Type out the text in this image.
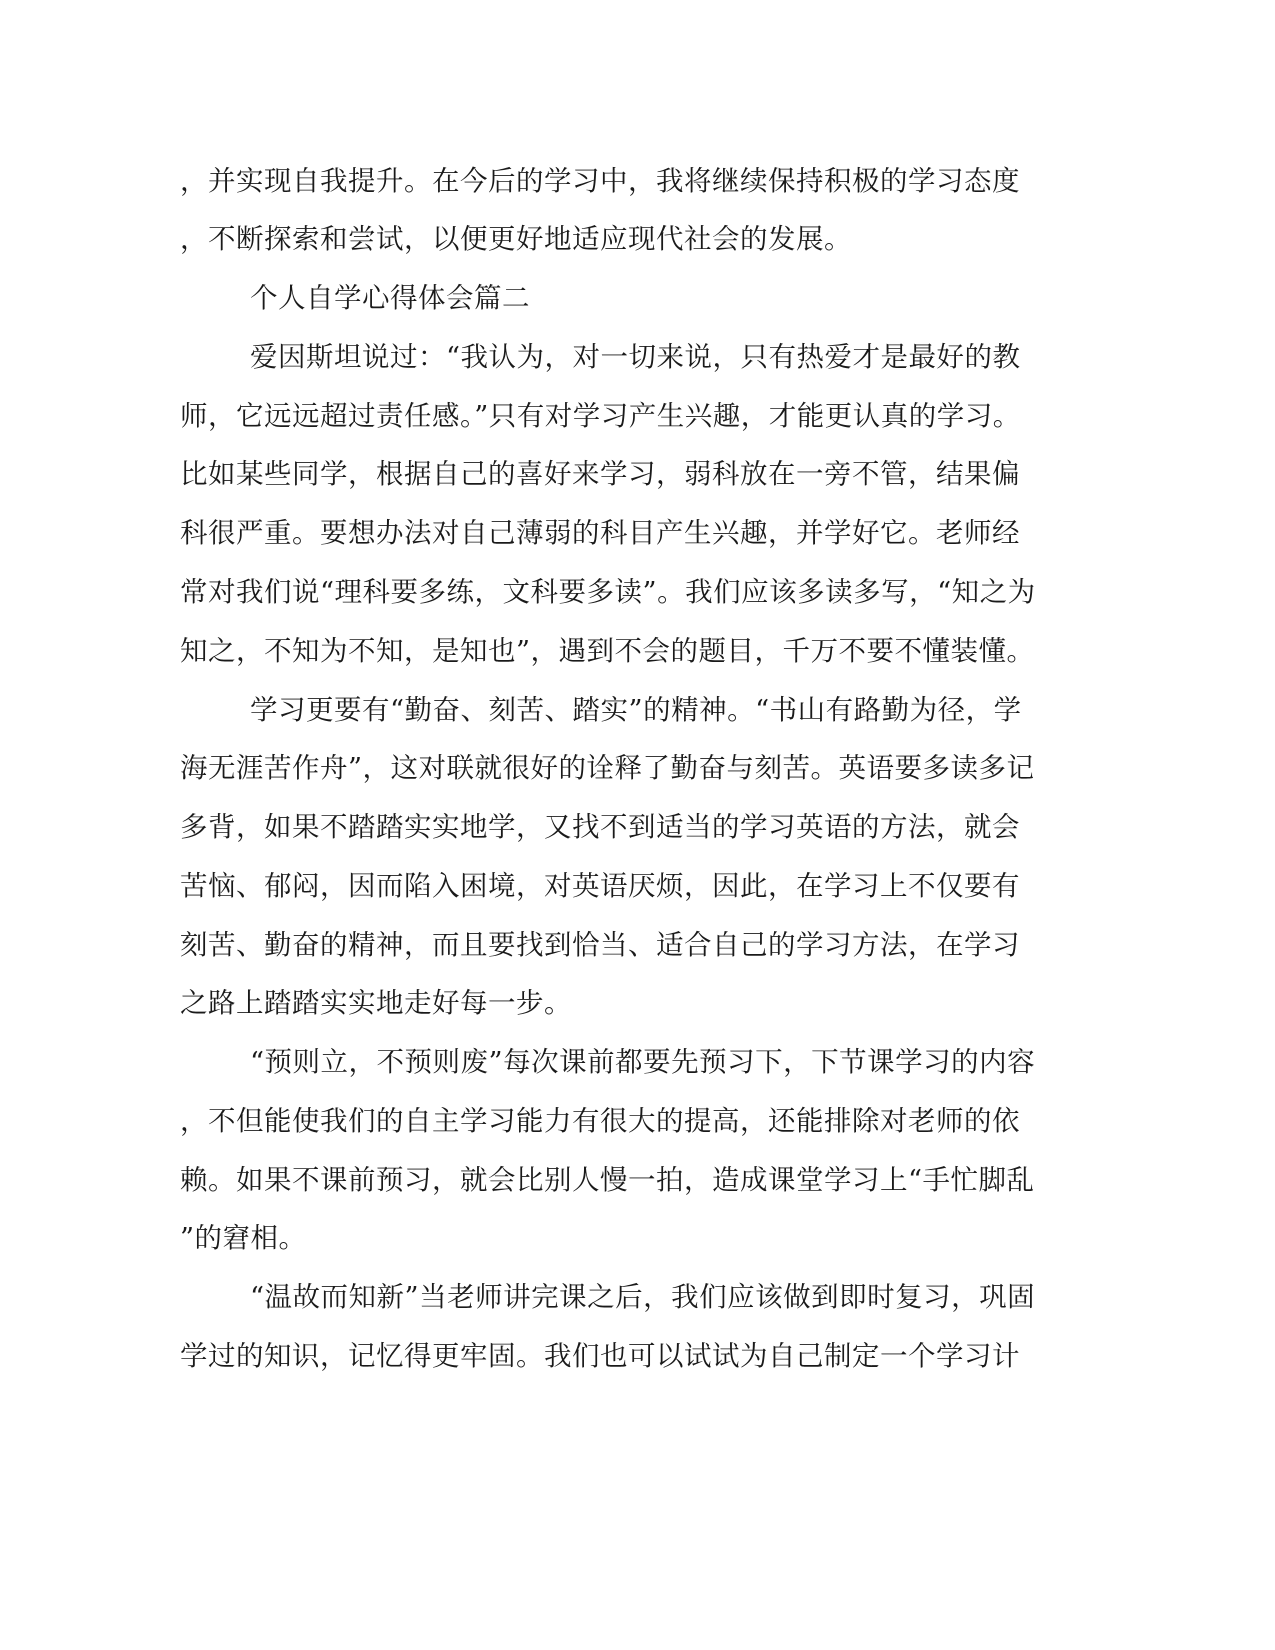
，并实现自我提升。在今后的学习中，我将继续保持积极的学习态度
，不断探索和尝试，以便更好地适应现代社会的发展。
个人自学心得体会篇二
爱因斯坦说过：“我认为，对一切来说，只有热爱才是最好的教
师，它远远超过责任感。”只有对学习产生兴趣，才能更认真的学习。
比如某些同学，根据自己的喜好来学习，弱科放在一旁不管，结果偏
科很严重。要想办法对自己薄弱的科目产生兴趣，并学好它。老师经
常对我们说“理科要多练，文科要多读”。我们应该多读多写，“知之为
知之，不知为不知，是知也”，遇到不会的题目，千万不要不懂装懂。
学习更要有“勤奋、刻苦、踏实”的精神。“书山有路勤为径，学
海无涯苦作舟”，这对联就很好的诠释了勤奋与刻苦。英语要多读多记
多背，如果不踏踏实实地学，又找不到适当的学习英语的方法，就会
苦恼、郁闷，因而陷入困境，对英语厌烦，因此，在学习上不仅要有
刻苦、勤奋的精神，而且要找到恰当、适合自己的学习方法，在学习
之路上踏踏实实地走好每一步。
“预则立，不预则废”每次课前都要先预习下，下节课学习的内容
，不但能使我们的自主学习能力有很大的提高，还能排除对老师的依
赖。如果不课前预习，就会比别人慢一拍，造成课堂学习上“手忙脚乱
”的窘相。
“温故而知新”当老师讲完课之后，我们应该做到即时复习，巩固
学过的知识，记忆得更牢固。我们也可以试试为自己制定一个学习计
